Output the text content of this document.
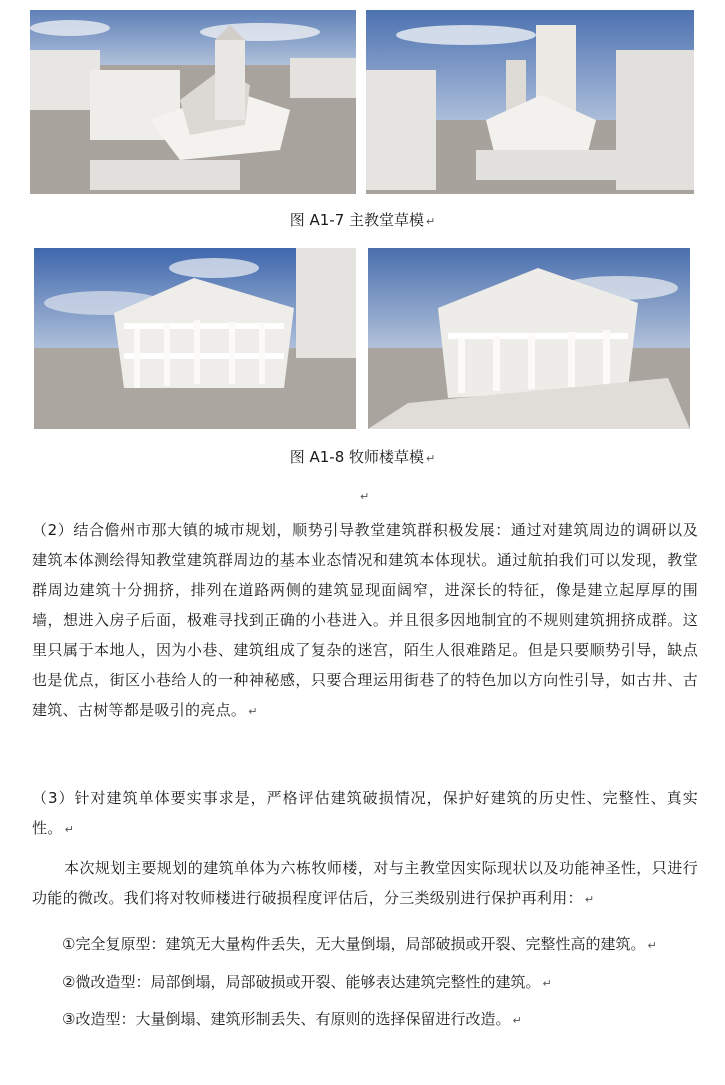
图 A1-7 主教堂草模 ↵
图 A1-8 牧师楼草模 ↵
↵
（2）结合儋州市那大镇的城市规划，顺势引导教堂建筑群积极发展：通过对建筑周边的调研以及建筑本体测绘得知教堂建筑群周边的基本业态情况和建筑本体现状。通过航拍我们可以发现，教堂群周边建筑十分拥挤，排列在道路两侧的建筑显现面阔窄，进深长的特征，像是建立起厚厚的围墙，想进入房子后面，极难寻找到正确的小巷进入。并且很多因地制宜的不规则建筑拥挤成群。这里只属于本地人，因为小巷、建筑组成了复杂的迷宫，陌生人很难踏足。但是只要顺势引导，缺点也是优点，街区小巷给人的一种神秘感，只要合理运用街巷了的特色加以方向性引导，如古井、古建筑、古树等都是吸引的亮点。 ↵
（3）针对建筑单体要实事求是，严格评估建筑破损情况，保护好建筑的历史性、完整性、真实性。 ↵
本次规划主要规划的建筑单体为六栋牧师楼，对与主教堂因实际现状以及功能神圣性，只进行功能的微改。我们将对牧师楼进行破损程度评估后，分三类级别进行保护再利用： ↵
①完全复原型：建筑无大量构件丢失，无大量倒塌，局部破损或开裂、完整性高的建筑。 ↵
②微改造型：局部倒塌，局部破损或开裂、能够表达建筑完整性的建筑。 ↵
③改造型：大量倒塌、建筑形制丢失、有原则的选择保留进行改造。 ↵
